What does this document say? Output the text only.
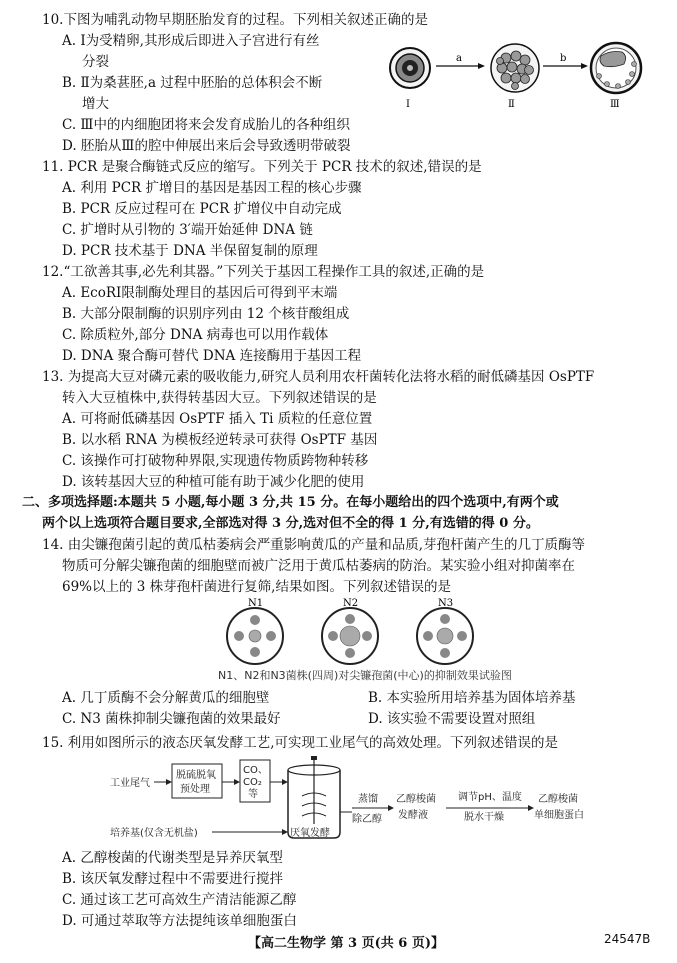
10.下图为哺乳动物早期胚胎发育的过程。下列相关叙述正确的是
A. Ⅰ为受精卵,其形成后即进入子宫进行有丝
分裂
B. Ⅱ为桑葚胚,a 过程中胚胎的总体积会不断
增大
C. Ⅲ中的内细胞团将来会发育成胎儿的各种组织
D. 胚胎从Ⅲ的腔中伸展出来后会导致透明带破裂
a	b
Ⅰ	Ⅱ	Ⅲ
11. PCR 是聚合酶链式反应的缩写。下列关于 PCR 技术的叙述,错误的是
A. 利用 PCR 扩增目的基因是基因工程的核心步骤
B. PCR 反应过程可在 PCR 扩增仪中自动完成
C. 扩增时从引物的 3′端开始延伸 DNA 链
D. PCR 技术基于 DNA 半保留复制的原理
12.“工欲善其事,必先利其器。”下列关于基因工程操作工具的叙述,正确的是
A. EcoRⅠ限制酶处理目的基因后可得到平末端
B. 大部分限制酶的识别序列由 12 个核苷酸组成
C. 除质粒外,部分 DNA 病毒也可以用作载体
D. DNA 聚合酶可替代 DNA 连接酶用于基因工程
13. 为提高大豆对磷元素的吸收能力,研究人员利用农杆菌转化法将水稻的耐低磷基因 OsPTF
转入大豆植株中,获得转基因大豆。下列叙述错误的是
A. 可将耐低磷基因 OsPTF 插入 Ti 质粒的任意位置
B. 以水稻 RNA 为模板经逆转录可获得 OsPTF 基因
C. 该操作可打破物种界限,实现遗传物质跨物种转移
D. 该转基因大豆的种植可能有助于减少化肥的使用
二、多项选择题:本题共 5 小题,每小题 3 分,共 15 分。在每小题给出的四个选项中,有两个或
两个以上选项符合题目要求,全部选对得 3 分,选对但不全的得 1 分,有选错的得 0 分。
14. 由尖镰孢菌引起的黄瓜枯萎病会严重影响黄瓜的产量和品质,芽孢杆菌产生的几丁质酶等
物质可分解尖镰孢菌的细胞壁而被广泛用于黄瓜枯萎病的防治。某实验小组对抑菌率在
69%以上的 3 株芽孢杆菌进行复筛,结果如图。下列叙述错误的是
N1	N2	N3
N1、N2和N3菌株(四周)对尖镰孢菌(中心)的抑制效果试验图
A. 几丁质酶不会分解黄瓜的细胞壁	B. 本实验所用培养基为固体培养基
C. N3 菌株抑制尖镰孢菌的效果最好	D. 该实验不需要设置对照组
15. 利用如图所示的液态厌氧发酵工艺,可实现工业尾气的高效处理。下列叙述错误的是
工业尾气
脱硫脱氧
预处理
CO、
CO₂
等
厌氧发酵
培养基(仅含无机盐)
蒸馏
除乙醇
乙醇梭菌
发酵液
调节pH、温度
脱水干燥
乙醇梭菌
单细胞蛋白
A. 乙醇梭菌的代谢类型是异养厌氧型
B. 该厌氧发酵过程中不需要进行搅拌
C. 通过该工艺可高效生产清洁能源乙醇
D. 可通过萃取等方法提纯该单细胞蛋白
【高二生物学 第 3 页(共 6 页)】	24547B
